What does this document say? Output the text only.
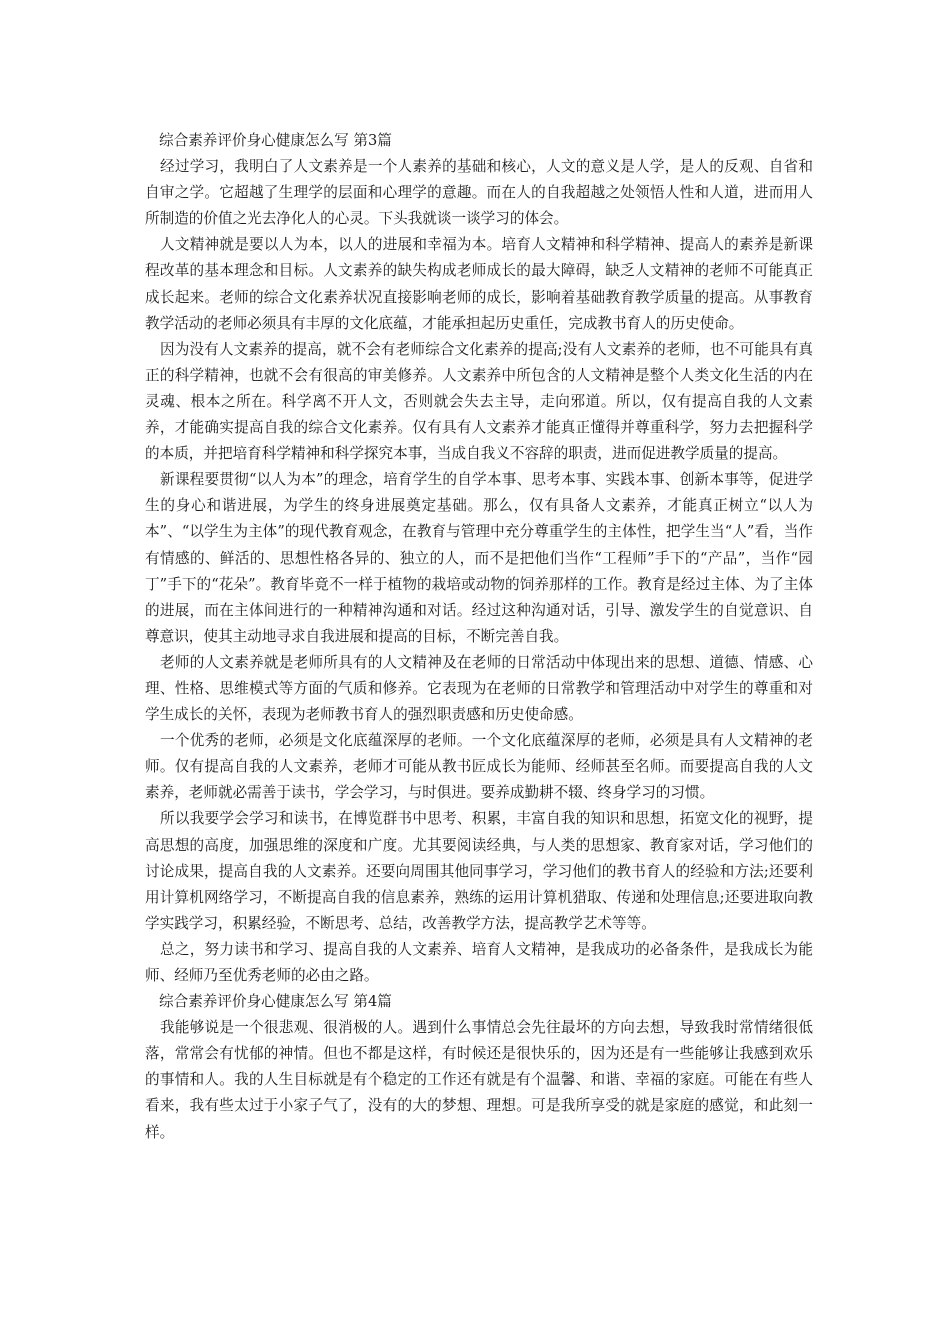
综合素养评价身心健康怎么写 第3篇

经过学习，我明白了人文素养是一个人素养的基础和核心，人文的意义是人学，是人的反观、自省和自审之学。它超越了生理学的层面和心理学的意趣。而在人的自我超越之处领悟人性和人道，进而用人所制造的价值之光去净化人的心灵。下头我就谈一谈学习的体会。

人文精神就是要以人为本，以人的进展和幸福为本。培育人文精神和科学精神、提高人的素养是新课程改革的基本理念和目标。人文素养的缺失构成老师成长的最大障碍，缺乏人文精神的老师不可能真正成长起来。老师的综合文化素养状况直接影响老师的成长，影响着基础教育教学质量的提高。从事教育教学活动的老师必须具有丰厚的文化底蕴，才能承担起历史重任，完成教书育人的历史使命。

因为没有人文素养的提高，就不会有老师综合文化素养的提高;没有人文素养的老师，也不可能具有真正的科学精神，也就不会有很高的审美修养。人文素养中所包含的人文精神是整个人类文化生活的内在灵魂、根本之所在。科学离不开人文，否则就会失去主导，走向邪道。所以，仅有提高自我的人文素养，才能确实提高自我的综合文化素养。仅有具有人文素养才能真正懂得并尊重科学，努力去把握科学的本质，并把培育科学精神和科学探究本事，当成自我义不容辞的职责，进而促进教学质量的提高。

新课程要贯彻“以人为本”的理念，培育学生的自学本事、思考本事、实践本事、创新本事等，促进学生的身心和谐进展，为学生的终身进展奠定基础。那么，仅有具备人文素养，才能真正树立“以人为本”、“以学生为主体”的现代教育观念，在教育与管理中充分尊重学生的主体性，把学生当“人”看，当作有情感的、鲜活的、思想性格各异的、独立的人，而不是把他们当作“工程师”手下的“产品”，当作“园丁”手下的“花朵”。教育毕竟不一样于植物的栽培或动物的饲养那样的工作。教育是经过主体、为了主体的进展，而在主体间进行的一种精神沟通和对话。经过这种沟通对话，引导、激发学生的自觉意识、自尊意识，使其主动地寻求自我进展和提高的目标，不断完善自我。

老师的人文素养就是老师所具有的人文精神及在老师的日常活动中体现出来的思想、道德、情感、心理、性格、思维模式等方面的气质和修养。它表现为在老师的日常教学和管理活动中对学生的尊重和对学生成长的关怀，表现为老师教书育人的强烈职责感和历史使命感。

一个优秀的老师，必须是文化底蕴深厚的老师。一个文化底蕴深厚的老师，必须是具有人文精神的老师。仅有提高自我的人文素养，老师才可能从教书匠成长为能师、经师甚至名师。而要提高自我的人文素养，老师就必需善于读书，学会学习，与时俱进。要养成勤耕不辍、终身学习的习惯。

所以我要学会学习和读书，在博览群书中思考、积累，丰富自我的知识和思想，拓宽文化的视野，提高思想的高度，加强思维的深度和广度。尤其要阅读经典，与人类的思想家、教育家对话，学习他们的讨论成果，提高自我的人文素养。还要向周围其他同事学习，学习他们的教书育人的经验和方法;还要利用计算机网络学习，不断提高自我的信息素养，熟练的运用计算机猎取、传递和处理信息;还要进取向教学实践学习，积累经验，不断思考、总结，改善教学方法，提高教学艺术等等。

总之，努力读书和学习、提高自我的人文素养、培育人文精神，是我成功的必备条件，是我成长为能师、经师乃至优秀老师的必由之路。

综合素养评价身心健康怎么写 第4篇

我能够说是一个很悲观、很消极的人。遇到什么事情总会先往最坏的方向去想，导致我时常情绪很低落，常常会有忧郁的神情。但也不都是这样，有时候还是很快乐的，因为还是有一些能够让我感到欢乐的事情和人。我的人生目标就是有个稳定的工作还有就是有个温馨、和谐、幸福的家庭。可能在有些人看来，我有些太过于小家子气了，没有的大的梦想、理想。可是我所享受的就是家庭的感觉，和此刻一样。
